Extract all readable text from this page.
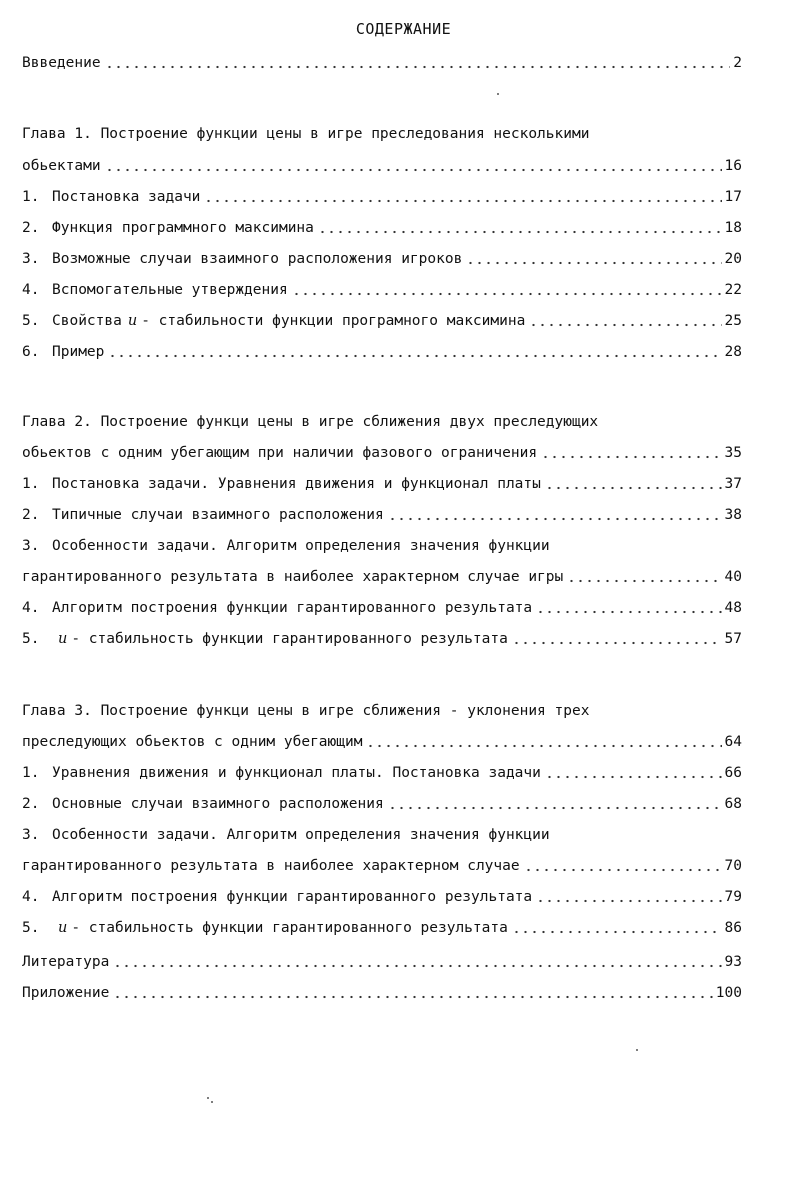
СОДЕРЖАНИЕ
Ввведение	2
Глава 1. Построение функции цены в игре преследования несколькими
обьектами	16
1. Постановка задачи	17
2. Функция программного максимина	18
3. Возможные случаи взаимного расположения игроков	20
4. Вспомогательные утверждения	22
5. Свойства u - стабильности функции програмного максимина	25
6. Пример	28
Глава 2. Построение функци цены в игре сближения двух преследующих
обьектов с одним убегающим при наличии фазового ограничения	35
1. Постановка задачи. Уравнения движения и функционал платы	37
2. Типичные случаи взаимного расположения	38
3. Особенности задачи. Алгоритм определения значения функции
гарантированного результата в наиболее характерном случае игры	40
4. Алгоритм построения функции гарантированного результата	48
5. u - стабильность функции гарантированного результата	57
Глава 3. Построение функци цены в игре сближения - уклонения трех
преследующих обьектов с одним убегающим	64
1. Уравнения движения и функционал платы. Постановка задачи	66
2. Основные случаи взаимного расположения	68
3. Особенности задачи. Алгоритм определения значения функции
гарантированного результата в наиболее характерном случае	70
4. Алгоритм построения функции гарантированного результата	79
5. u - стабильность функции гарантированного результата	86
Литература	93
Приложение	100
